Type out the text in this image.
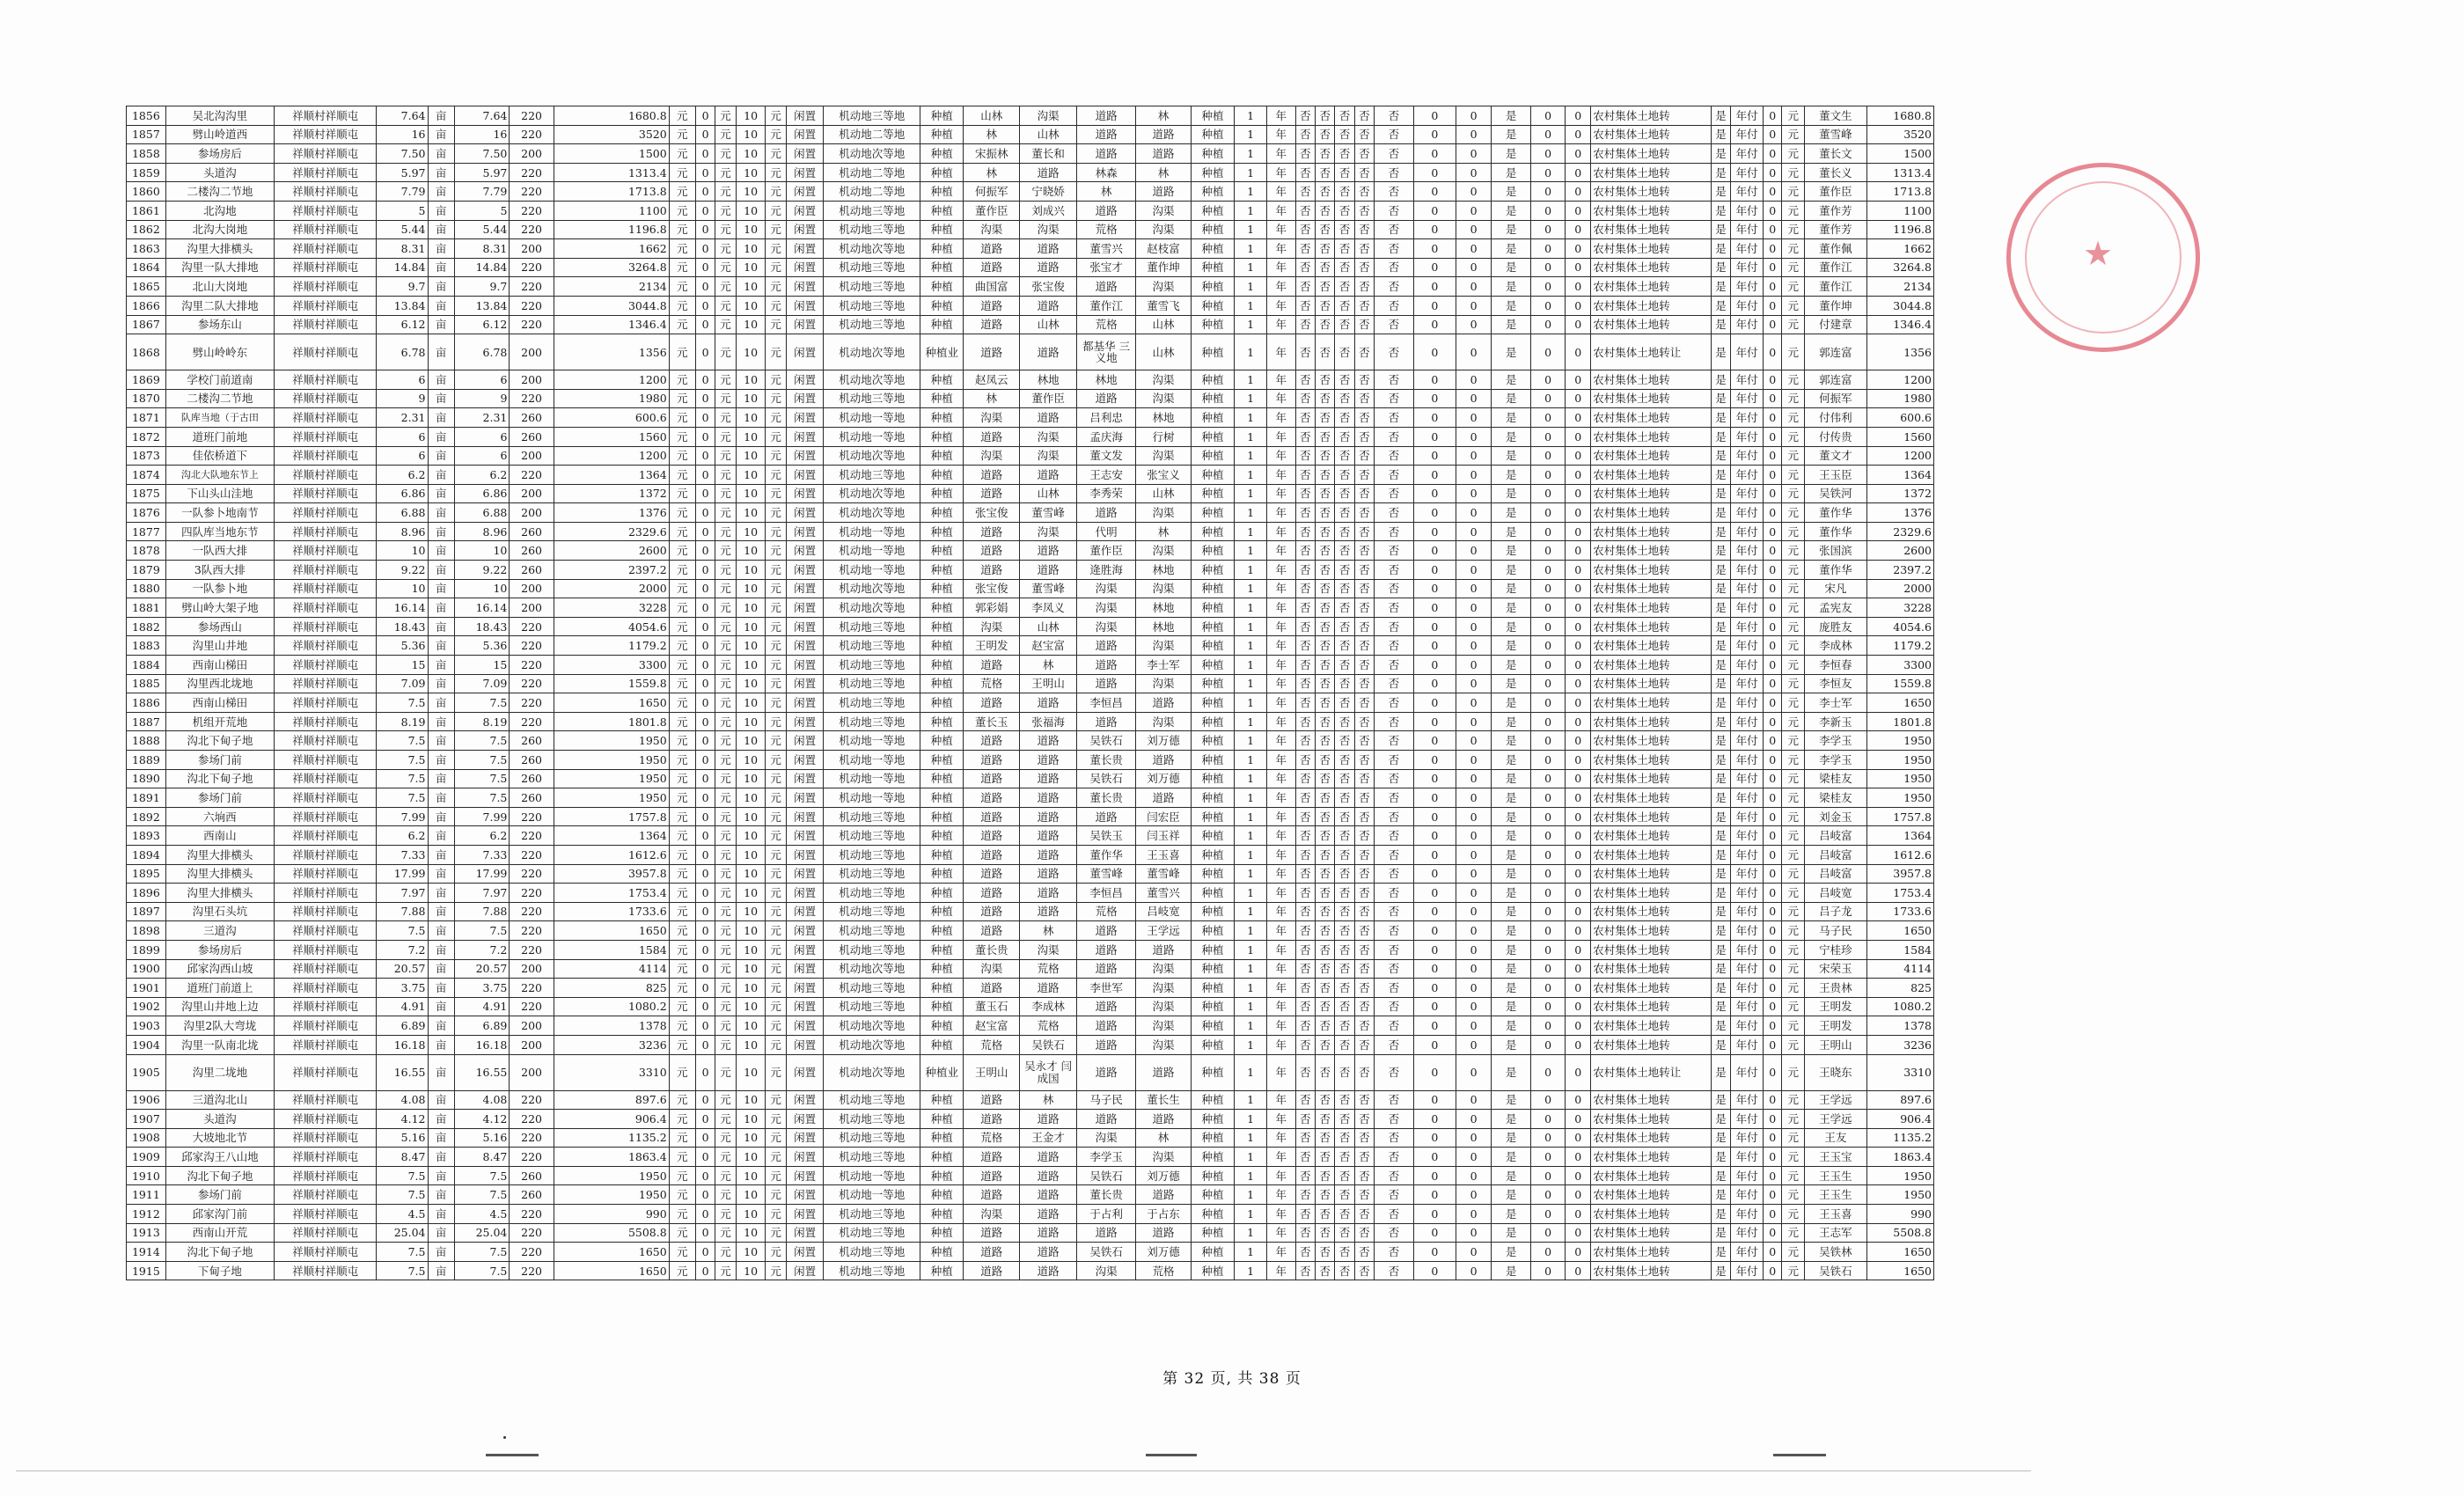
1856	吴北沟沟里	祥顺村祥顺屯	7.64	亩	7.64	220	1680.8	元	0	元	10	元	闲置	机动地三等地	种植	山林	沟渠	道路	林	种植	1	年	否	否	否	否	否	0	0	是	0	0	农村集体土地转	是	年付	0	元	董文生	1680.8
1857	劈山岭道西	祥顺村祥顺屯	16	亩	16	220	3520	元	0	元	10	元	闲置	机动地二等地	种植	林	山林	道路	道路	种植	1	年	否	否	否	否	否	0	0	是	0	0	农村集体土地转	是	年付	0	元	董雪峰	3520
1858	参场房后	祥顺村祥顺屯	7.50	亩	7.50	200	1500	元	0	元	10	元	闲置	机动地次等地	种植	宋振林	董长和	道路	道路	种植	1	年	否	否	否	否	否	0	0	是	0	0	农村集体土地转	是	年付	0	元	董长文	1500
1859	头道沟	祥顺村祥顺屯	5.97	亩	5.97	220	1313.4	元	0	元	10	元	闲置	机动地二等地	种植	林	道路	林森	林	种植	1	年	否	否	否	否	否	0	0	是	0	0	农村集体土地转	是	年付	0	元	董长义	1313.4
1860	二楼沟二节地	祥顺村祥顺屯	7.79	亩	7.79	220	1713.8	元	0	元	10	元	闲置	机动地二等地	种植	何振军	宁晓娇	林	道路	种植	1	年	否	否	否	否	否	0	0	是	0	0	农村集体土地转	是	年付	0	元	董作臣	1713.8
1861	北沟地	祥顺村祥顺屯	5	亩	5	220	1100	元	0	元	10	元	闲置	机动地三等地	种植	董作臣	刘成兴	道路	沟渠	种植	1	年	否	否	否	否	否	0	0	是	0	0	农村集体土地转	是	年付	0	元	董作芳	1100
1862	北沟大岗地	祥顺村祥顺屯	5.44	亩	5.44	220	1196.8	元	0	元	10	元	闲置	机动地三等地	种植	沟渠	沟渠	荒格	沟渠	种植	1	年	否	否	否	否	否	0	0	是	0	0	农村集体土地转	是	年付	0	元	董作芳	1196.8
1863	沟里大排横头	祥顺村祥顺屯	8.31	亩	8.31	200	1662	元	0	元	10	元	闲置	机动地次等地	种植	道路	道路	董雪兴	赵枝富	种植	1	年	否	否	否	否	否	0	0	是	0	0	农村集体土地转	是	年付	0	元	董作佩	1662
1864	沟里一队大排地	祥顺村祥顺屯	14.84	亩	14.84	220	3264.8	元	0	元	10	元	闲置	机动地三等地	种植	道路	道路	张宝才	董作坤	种植	1	年	否	否	否	否	否	0	0	是	0	0	农村集体土地转	是	年付	0	元	董作江	3264.8
1865	北山大岗地	祥顺村祥顺屯	9.7	亩	9.7	220	2134	元	0	元	10	元	闲置	机动地三等地	种植	曲国富	张宝俊	道路	沟渠	种植	1	年	否	否	否	否	否	0	0	是	0	0	农村集体土地转	是	年付	0	元	董作江	2134
1866	沟里二队大排地	祥顺村祥顺屯	13.84	亩	13.84	220	3044.8	元	0	元	10	元	闲置	机动地三等地	种植	道路	道路	董作江	董雪飞	种植	1	年	否	否	否	否	否	0	0	是	0	0	农村集体土地转	是	年付	0	元	董作坤	3044.8
1867	参场东山	祥顺村祥顺屯	6.12	亩	6.12	220	1346.4	元	0	元	10	元	闲置	机动地三等地	种植	道路	山林	荒格	山林	种植	1	年	否	否	否	否	否	0	0	是	0	0	农村集体土地转	是	年付	0	元	付建章	1346.4
1868	劈山岭岭东	祥顺村祥顺屯	6.78	亩	6.78	200	1356	元	0	元	10	元	闲置	机动地次等地	种植业	道路	道路	都基华 三义地	山林	种植	1	年	否	否	否	否	否	0	0	是	0	0	农村集体土地转让	是	年付	0	元	郭连富	1356
1869	学校门前道南	祥顺村祥顺屯	6	亩	6	200	1200	元	0	元	10	元	闲置	机动地次等地	种植	赵凤云	林地	林地	沟渠	种植	1	年	否	否	否	否	否	0	0	是	0	0	农村集体土地转	是	年付	0	元	郭连富	1200
1870	二楼沟二节地	祥顺村祥顺屯	9	亩	9	220	1980	元	0	元	10	元	闲置	机动地三等地	种植	林	董作臣	道路	沟渠	种植	1	年	否	否	否	否	否	0	0	是	0	0	农村集体土地转	是	年付	0	元	何振军	1980
1871	队库当地（于古田	祥顺村祥顺屯	2.31	亩	2.31	260	600.6	元	0	元	10	元	闲置	机动地一等地	种植	沟渠	道路	吕利忠	林地	种植	1	年	否	否	否	否	否	0	0	是	0	0	农村集体土地转	是	年付	0	元	付伟利	600.6
1872	道班门前地	祥顺村祥顺屯	6	亩	6	260	1560	元	0	元	10	元	闲置	机动地一等地	种植	道路	沟渠	孟庆海	行树	种植	1	年	否	否	否	否	否	0	0	是	0	0	农村集体土地转	是	年付	0	元	付传贵	1560
1873	佳依桥道下	祥顺村祥顺屯	6	亩	6	200	1200	元	0	元	10	元	闲置	机动地次等地	种植	沟渠	沟渠	董文发	沟渠	种植	1	年	否	否	否	否	否	0	0	是	0	0	农村集体土地转	是	年付	0	元	董文才	1200
1874	沟北大队地东节上	祥顺村祥顺屯	6.2	亩	6.2	220	1364	元	0	元	10	元	闲置	机动地三等地	种植	道路	道路	王志安	张宝义	种植	1	年	否	否	否	否	否	0	0	是	0	0	农村集体土地转	是	年付	0	元	王玉臣	1364
1875	下山头山洼地	祥顺村祥顺屯	6.86	亩	6.86	200	1372	元	0	元	10	元	闲置	机动地次等地	种植	道路	山林	李秀荣	山林	种植	1	年	否	否	否	否	否	0	0	是	0	0	农村集体土地转	是	年付	0	元	吴铁河	1372
1876	一队参卜地南节	祥顺村祥顺屯	6.88	亩	6.88	200	1376	元	0	元	10	元	闲置	机动地次等地	种植	张宝俊	董雪峰	道路	沟渠	种植	1	年	否	否	否	否	否	0	0	是	0	0	农村集体土地转	是	年付	0	元	董作华	1376
1877	四队库当地东节	祥顺村祥顺屯	8.96	亩	8.96	260	2329.6	元	0	元	10	元	闲置	机动地一等地	种植	道路	沟渠	代明	林	种植	1	年	否	否	否	否	否	0	0	是	0	0	农村集体土地转	是	年付	0	元	董作华	2329.6
1878	一队西大排	祥顺村祥顺屯	10	亩	10	260	2600	元	0	元	10	元	闲置	机动地一等地	种植	道路	道路	董作臣	沟渠	种植	1	年	否	否	否	否	否	0	0	是	0	0	农村集体土地转	是	年付	0	元	张国滨	2600
1879	3队西大排	祥顺村祥顺屯	9.22	亩	9.22	260	2397.2	元	0	元	10	元	闲置	机动地一等地	种植	道路	道路	逄胜海	林地	种植	1	年	否	否	否	否	否	0	0	是	0	0	农村集体土地转	是	年付	0	元	董作华	2397.2
1880	一队参卜地	祥顺村祥顺屯	10	亩	10	200	2000	元	0	元	10	元	闲置	机动地次等地	种植	张宝俊	董雪峰	沟渠	沟渠	种植	1	年	否	否	否	否	否	0	0	是	0	0	农村集体土地转	是	年付	0	元	宋凡	2000
1881	劈山岭大架子地	祥顺村祥顺屯	16.14	亩	16.14	200	3228	元	0	元	10	元	闲置	机动地次等地	种植	郭彩娟	李凤义	沟渠	林地	种植	1	年	否	否	否	否	否	0	0	是	0	0	农村集体土地转	是	年付	0	元	孟宪友	3228
1882	参场西山	祥顺村祥顺屯	18.43	亩	18.43	220	4054.6	元	0	元	10	元	闲置	机动地三等地	种植	沟渠	山林	沟渠	林地	种植	1	年	否	否	否	否	否	0	0	是	0	0	农村集体土地转	是	年付	0	元	庞胜友	4054.6
1883	沟里山井地	祥顺村祥顺屯	5.36	亩	5.36	220	1179.2	元	0	元	10	元	闲置	机动地三等地	种植	王明发	赵宝富	道路	沟渠	种植	1	年	否	否	否	否	否	0	0	是	0	0	农村集体土地转	是	年付	0	元	李成林	1179.2
1884	西南山梯田	祥顺村祥顺屯	15	亩	15	220	3300	元	0	元	10	元	闲置	机动地三等地	种植	道路	林	道路	李士军	种植	1	年	否	否	否	否	否	0	0	是	0	0	农村集体土地转	是	年付	0	元	李恒春	3300
1885	沟里西北垅地	祥顺村祥顺屯	7.09	亩	7.09	220	1559.8	元	0	元	10	元	闲置	机动地三等地	种植	荒格	王明山	道路	沟渠	种植	1	年	否	否	否	否	否	0	0	是	0	0	农村集体土地转	是	年付	0	元	李恒友	1559.8
1886	西南山梯田	祥顺村祥顺屯	7.5	亩	7.5	220	1650	元	0	元	10	元	闲置	机动地三等地	种植	道路	道路	李恒昌	道路	种植	1	年	否	否	否	否	否	0	0	是	0	0	农村集体土地转	是	年付	0	元	李士军	1650
1887	机组开荒地	祥顺村祥顺屯	8.19	亩	8.19	220	1801.8	元	0	元	10	元	闲置	机动地三等地	种植	董长玉	张福海	道路	沟渠	种植	1	年	否	否	否	否	否	0	0	是	0	0	农村集体土地转	是	年付	0	元	李新玉	1801.8
1888	沟北下甸子地	祥顺村祥顺屯	7.5	亩	7.5	260	1950	元	0	元	10	元	闲置	机动地一等地	种植	道路	道路	吴铁石	刘万德	种植	1	年	否	否	否	否	否	0	0	是	0	0	农村集体土地转	是	年付	0	元	李学玉	1950
1889	参场门前	祥顺村祥顺屯	7.5	亩	7.5	260	1950	元	0	元	10	元	闲置	机动地一等地	种植	道路	道路	董长贵	道路	种植	1	年	否	否	否	否	否	0	0	是	0	0	农村集体土地转	是	年付	0	元	李学玉	1950
1890	沟北下甸子地	祥顺村祥顺屯	7.5	亩	7.5	260	1950	元	0	元	10	元	闲置	机动地一等地	种植	道路	道路	吴铁石	刘万德	种植	1	年	否	否	否	否	否	0	0	是	0	0	农村集体土地转	是	年付	0	元	梁桂友	1950
1891	参场门前	祥顺村祥顺屯	7.5	亩	7.5	260	1950	元	0	元	10	元	闲置	机动地一等地	种植	道路	道路	董长贵	道路	种植	1	年	否	否	否	否	否	0	0	是	0	0	农村集体土地转	是	年付	0	元	梁桂友	1950
1892	六垧西	祥顺村祥顺屯	7.99	亩	7.99	220	1757.8	元	0	元	10	元	闲置	机动地三等地	种植	道路	道路	道路	闫宏臣	种植	1	年	否	否	否	否	否	0	0	是	0	0	农村集体土地转	是	年付	0	元	刘金玉	1757.8
1893	西南山	祥顺村祥顺屯	6.2	亩	6.2	220	1364	元	0	元	10	元	闲置	机动地三等地	种植	道路	道路	吴铁玉	闫玉祥	种植	1	年	否	否	否	否	否	0	0	是	0	0	农村集体土地转	是	年付	0	元	吕岐富	1364
1894	沟里大排横头	祥顺村祥顺屯	7.33	亩	7.33	220	1612.6	元	0	元	10	元	闲置	机动地三等地	种植	道路	道路	董作华	王玉喜	种植	1	年	否	否	否	否	否	0	0	是	0	0	农村集体土地转	是	年付	0	元	吕岐富	1612.6
1895	沟里大排横头	祥顺村祥顺屯	17.99	亩	17.99	220	3957.8	元	0	元	10	元	闲置	机动地三等地	种植	道路	道路	董雪峰	董雪峰	种植	1	年	否	否	否	否	否	0	0	是	0	0	农村集体土地转	是	年付	0	元	吕岐富	3957.8
1896	沟里大排横头	祥顺村祥顺屯	7.97	亩	7.97	220	1753.4	元	0	元	10	元	闲置	机动地三等地	种植	道路	道路	李恒昌	董雪兴	种植	1	年	否	否	否	否	否	0	0	是	0	0	农村集体土地转	是	年付	0	元	吕岐宽	1753.4
1897	沟里石头坑	祥顺村祥顺屯	7.88	亩	7.88	220	1733.6	元	0	元	10	元	闲置	机动地三等地	种植	道路	道路	荒格	吕岐宽	种植	1	年	否	否	否	否	否	0	0	是	0	0	农村集体土地转	是	年付	0	元	吕子龙	1733.6
1898	三道沟	祥顺村祥顺屯	7.5	亩	7.5	220	1650	元	0	元	10	元	闲置	机动地三等地	种植	道路	林	道路	王学远	种植	1	年	否	否	否	否	否	0	0	是	0	0	农村集体土地转	是	年付	0	元	马子民	1650
1899	参场房后	祥顺村祥顺屯	7.2	亩	7.2	220	1584	元	0	元	10	元	闲置	机动地三等地	种植	董长贵	沟渠	道路	道路	种植	1	年	否	否	否	否	否	0	0	是	0	0	农村集体土地转	是	年付	0	元	宁桂珍	1584
1900	邱家沟西山坡	祥顺村祥顺屯	20.57	亩	20.57	200	4114	元	0	元	10	元	闲置	机动地次等地	种植	沟渠	荒格	道路	沟渠	种植	1	年	否	否	否	否	否	0	0	是	0	0	农村集体土地转	是	年付	0	元	宋荣玉	4114
1901	道班门前道上	祥顺村祥顺屯	3.75	亩	3.75	220	825	元	0	元	10	元	闲置	机动地三等地	种植	道路	道路	李世军	沟渠	种植	1	年	否	否	否	否	否	0	0	是	0	0	农村集体土地转	是	年付	0	元	王贵林	825
1902	沟里山井地上边	祥顺村祥顺屯	4.91	亩	4.91	220	1080.2	元	0	元	10	元	闲置	机动地三等地	种植	董玉石	李成林	道路	沟渠	种植	1	年	否	否	否	否	否	0	0	是	0	0	农村集体土地转	是	年付	0	元	王明发	1080.2
1903	沟里2队大弯垅	祥顺村祥顺屯	6.89	亩	6.89	200	1378	元	0	元	10	元	闲置	机动地次等地	种植	赵宝富	荒格	道路	沟渠	种植	1	年	否	否	否	否	否	0	0	是	0	0	农村集体土地转	是	年付	0	元	王明发	1378
1904	沟里一队南北垅	祥顺村祥顺屯	16.18	亩	16.18	200	3236	元	0	元	10	元	闲置	机动地次等地	种植	荒格	吴铁石	道路	沟渠	种植	1	年	否	否	否	否	否	0	0	是	0	0	农村集体土地转	是	年付	0	元	王明山	3236
1905	沟里二垅地	祥顺村祥顺屯	16.55	亩	16.55	200	3310	元	0	元	10	元	闲置	机动地次等地	种植业	王明山	吴永才 闫成国	道路	道路	种植	1	年	否	否	否	否	否	0	0	是	0	0	农村集体土地转让	是	年付	0	元	王晓东	3310
1906	三道沟北山	祥顺村祥顺屯	4.08	亩	4.08	220	897.6	元	0	元	10	元	闲置	机动地三等地	种植	道路	林	马子民	董长生	种植	1	年	否	否	否	否	否	0	0	是	0	0	农村集体土地转	是	年付	0	元	王学远	897.6
1907	头道沟	祥顺村祥顺屯	4.12	亩	4.12	220	906.4	元	0	元	10	元	闲置	机动地三等地	种植	道路	道路	道路	道路	种植	1	年	否	否	否	否	否	0	0	是	0	0	农村集体土地转	是	年付	0	元	王学远	906.4
1908	大坡地北节	祥顺村祥顺屯	5.16	亩	5.16	220	1135.2	元	0	元	10	元	闲置	机动地三等地	种植	荒格	王金才	沟渠	林	种植	1	年	否	否	否	否	否	0	0	是	0	0	农村集体土地转	是	年付	0	元	王友	1135.2
1909	邱家沟王八山地	祥顺村祥顺屯	8.47	亩	8.47	220	1863.4	元	0	元	10	元	闲置	机动地三等地	种植	道路	道路	李学玉	沟渠	种植	1	年	否	否	否	否	否	0	0	是	0	0	农村集体土地转	是	年付	0	元	王玉宝	1863.4
1910	沟北下甸子地	祥顺村祥顺屯	7.5	亩	7.5	260	1950	元	0	元	10	元	闲置	机动地一等地	种植	道路	道路	吴铁石	刘万德	种植	1	年	否	否	否	否	否	0	0	是	0	0	农村集体土地转	是	年付	0	元	王玉生	1950
1911	参场门前	祥顺村祥顺屯	7.5	亩	7.5	260	1950	元	0	元	10	元	闲置	机动地一等地	种植	道路	道路	董长贵	道路	种植	1	年	否	否	否	否	否	0	0	是	0	0	农村集体土地转	是	年付	0	元	王玉生	1950
1912	邱家沟门前	祥顺村祥顺屯	4.5	亩	4.5	220	990	元	0	元	10	元	闲置	机动地三等地	种植	沟渠	道路	于占利	于占东	种植	1	年	否	否	否	否	否	0	0	是	0	0	农村集体土地转	是	年付	0	元	王玉喜	990
1913	西南山开荒	祥顺村祥顺屯	25.04	亩	25.04	220	5508.8	元	0	元	10	元	闲置	机动地三等地	种植	道路	道路	道路	道路	种植	1	年	否	否	否	否	否	0	0	是	0	0	农村集体土地转	是	年付	0	元	王志军	5508.8
1914	沟北下甸子地	祥顺村祥顺屯	7.5	亩	7.5	220	1650	元	0	元	10	元	闲置	机动地三等地	种植	道路	道路	吴铁石	刘万德	种植	1	年	否	否	否	否	否	0	0	是	0	0	农村集体土地转	是	年付	0	元	吴铁林	1650
1915	下甸子地	祥顺村祥顺屯	7.5	亩	7.5	220	1650	元	0	元	10	元	闲置	机动地三等地	种植	道路	道路	沟渠	荒格	种植	1	年	否	否	否	否	否	0	0	是	0	0	农村集体土地转	是	年付	0	元	吴铁石	1650
★
第 32 页, 共 38 页
